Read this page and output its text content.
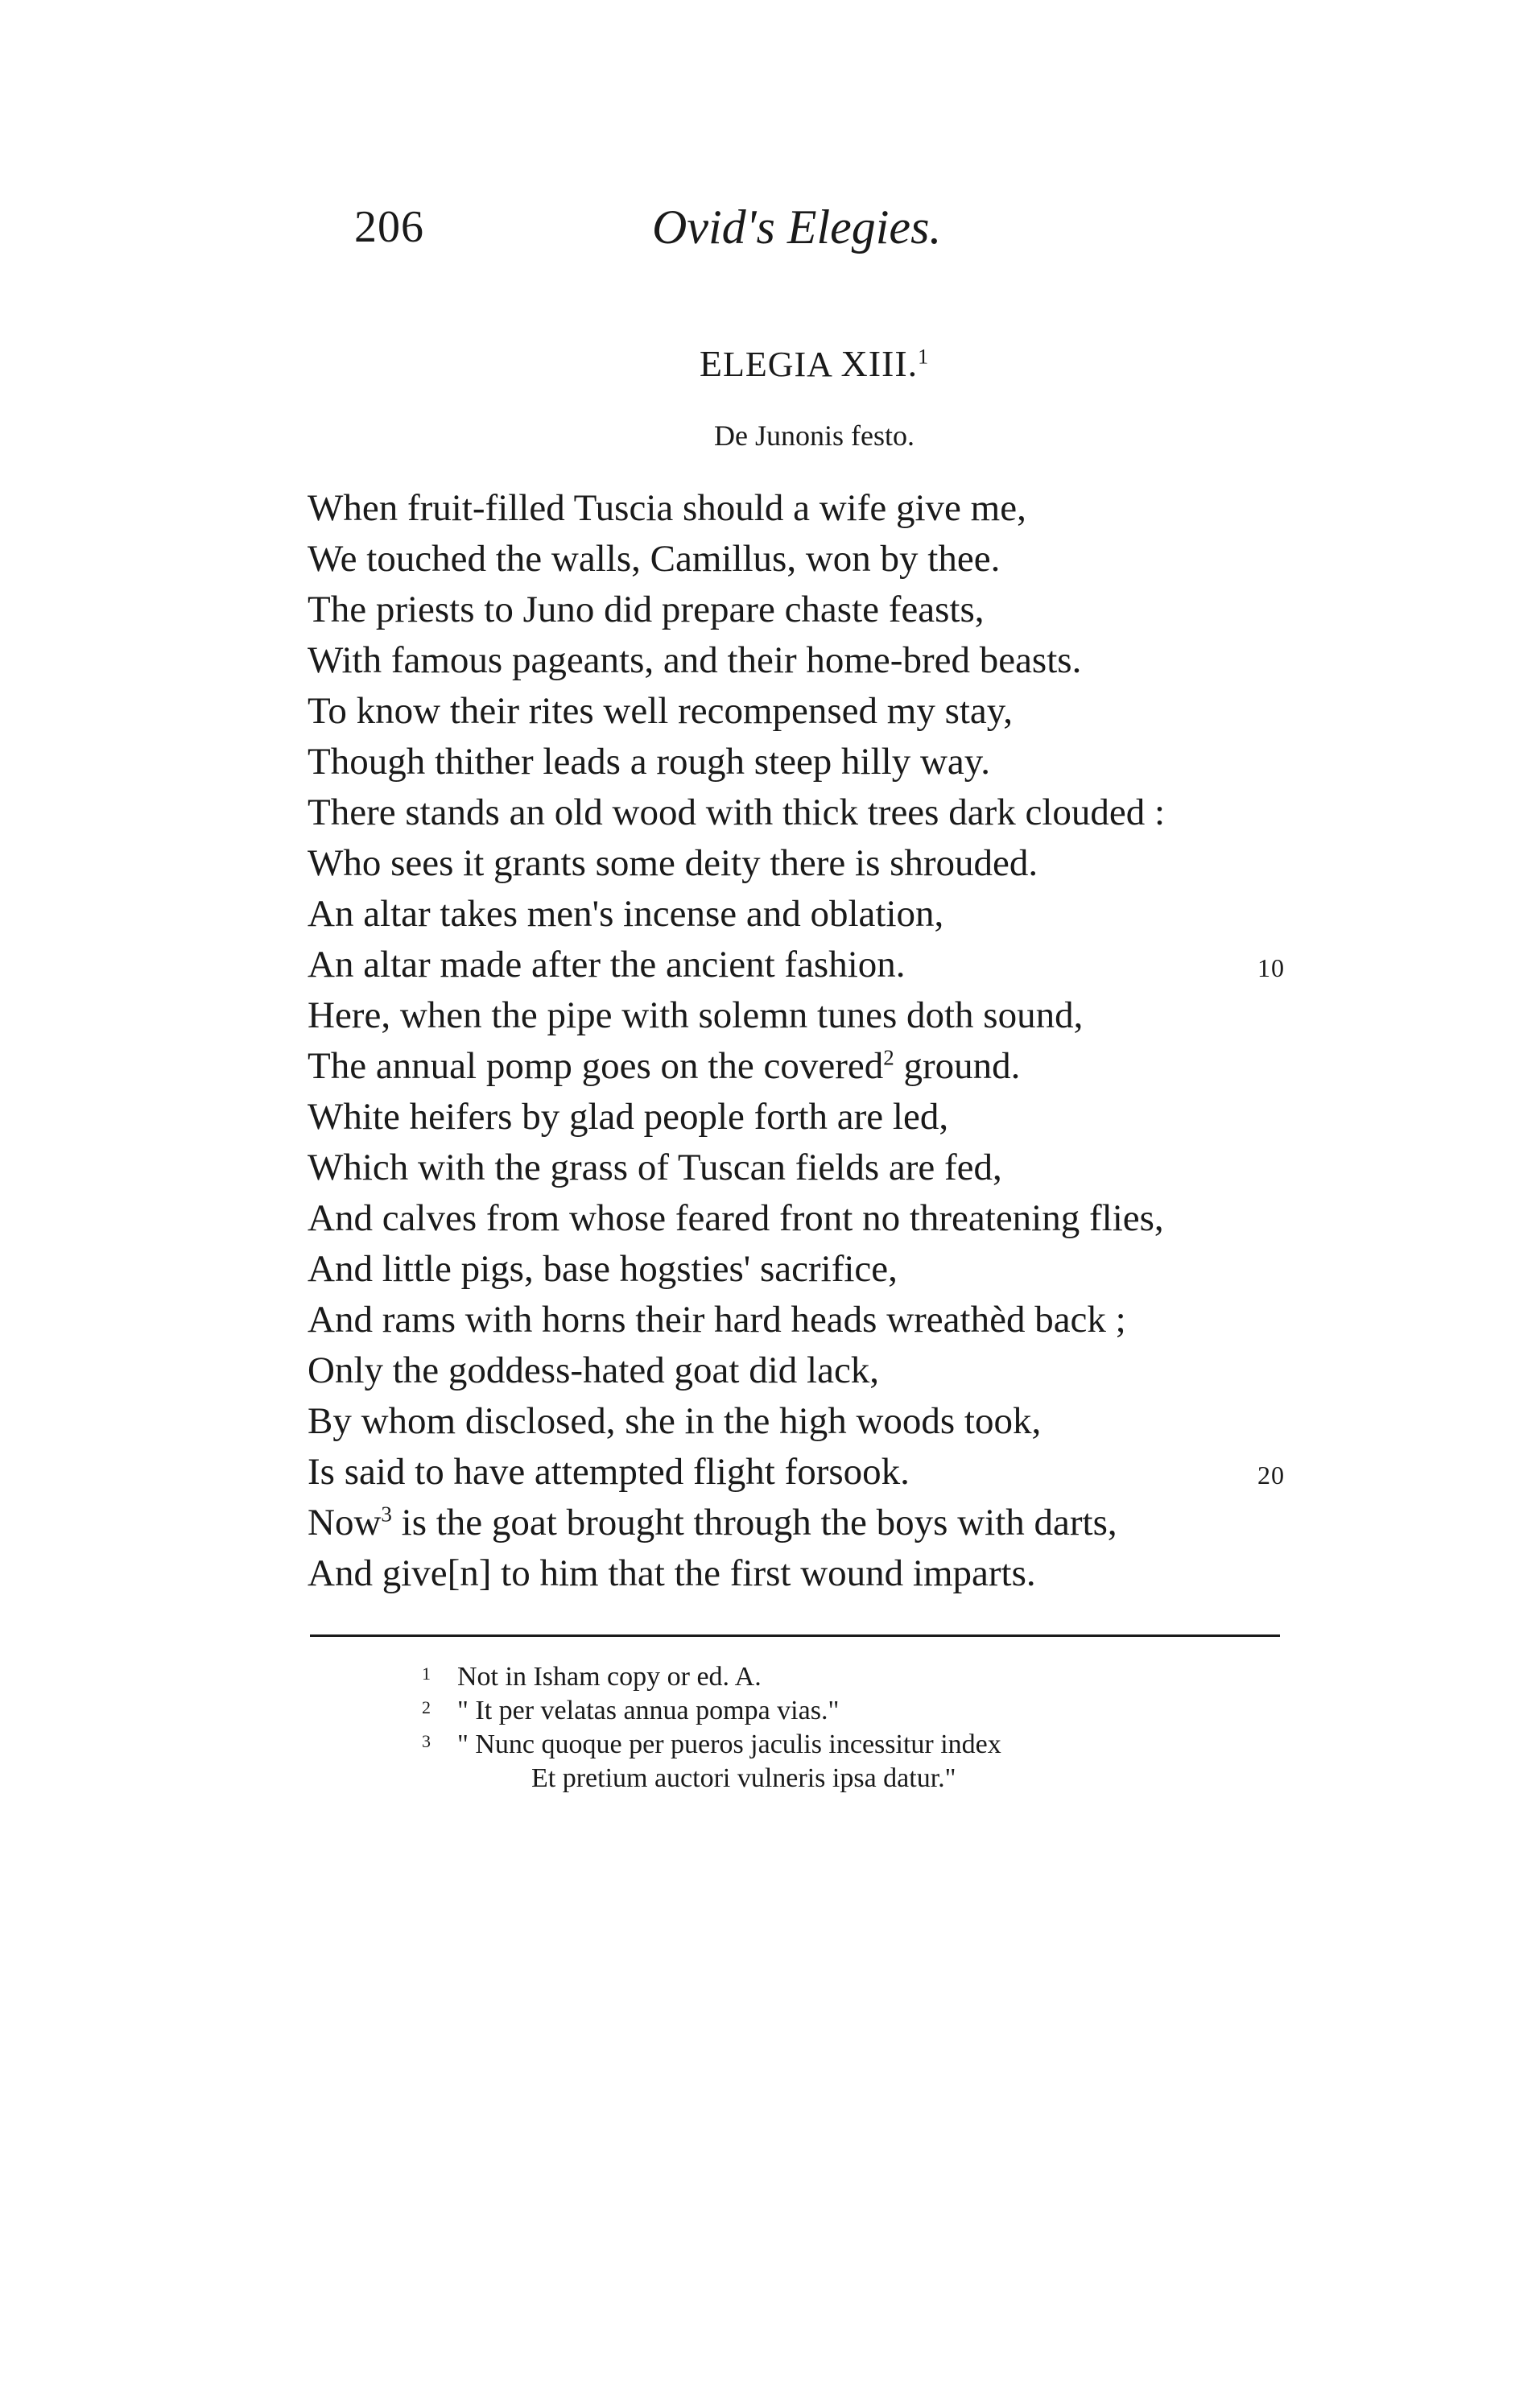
206	Ovid's Elegies.
ELEGIA XIII.$^1$
De Junonis festo.
When fruit-filled Tuscia should a wife give me,
We touched the walls, Camillus, won by thee.
The priests to Juno did prepare chaste feasts,
With famous pageants, and their home-bred beasts.
To know their rites well recompensed my stay,
Though thither leads a rough steep hilly way.
There stands an old wood with thick trees dark clouded :
Who sees it grants some deity there is shrouded.
An altar takes men's incense and oblation,
An altar made after the ancient fashion.	10
Here, when the pipe with solemn tunes doth sound,
The annual pomp goes on the covered$^2$ ground.
White heifers by glad people forth are led,
Which with the grass of Tuscan fields are fed,
And calves from whose feared front no threatening flies,
And little pigs, base hogsties' sacrifice,
And rams with horns their hard heads wreathèd back ;
Only the goddess-hated goat did lack,
By whom disclosed, she in the high woods took,
Is said to have attempted flight forsook.	20
Now$^3$ is the goat brought through the boys with darts,
And give[n] to him that the first wound imparts.
1 Not in Isham copy or ed. A.
2 " It per velatas annua pompa vias."
3 " Nunc quoque per pueros jaculis incessitur index
Et pretium auctori vulneris ipsa datur."
